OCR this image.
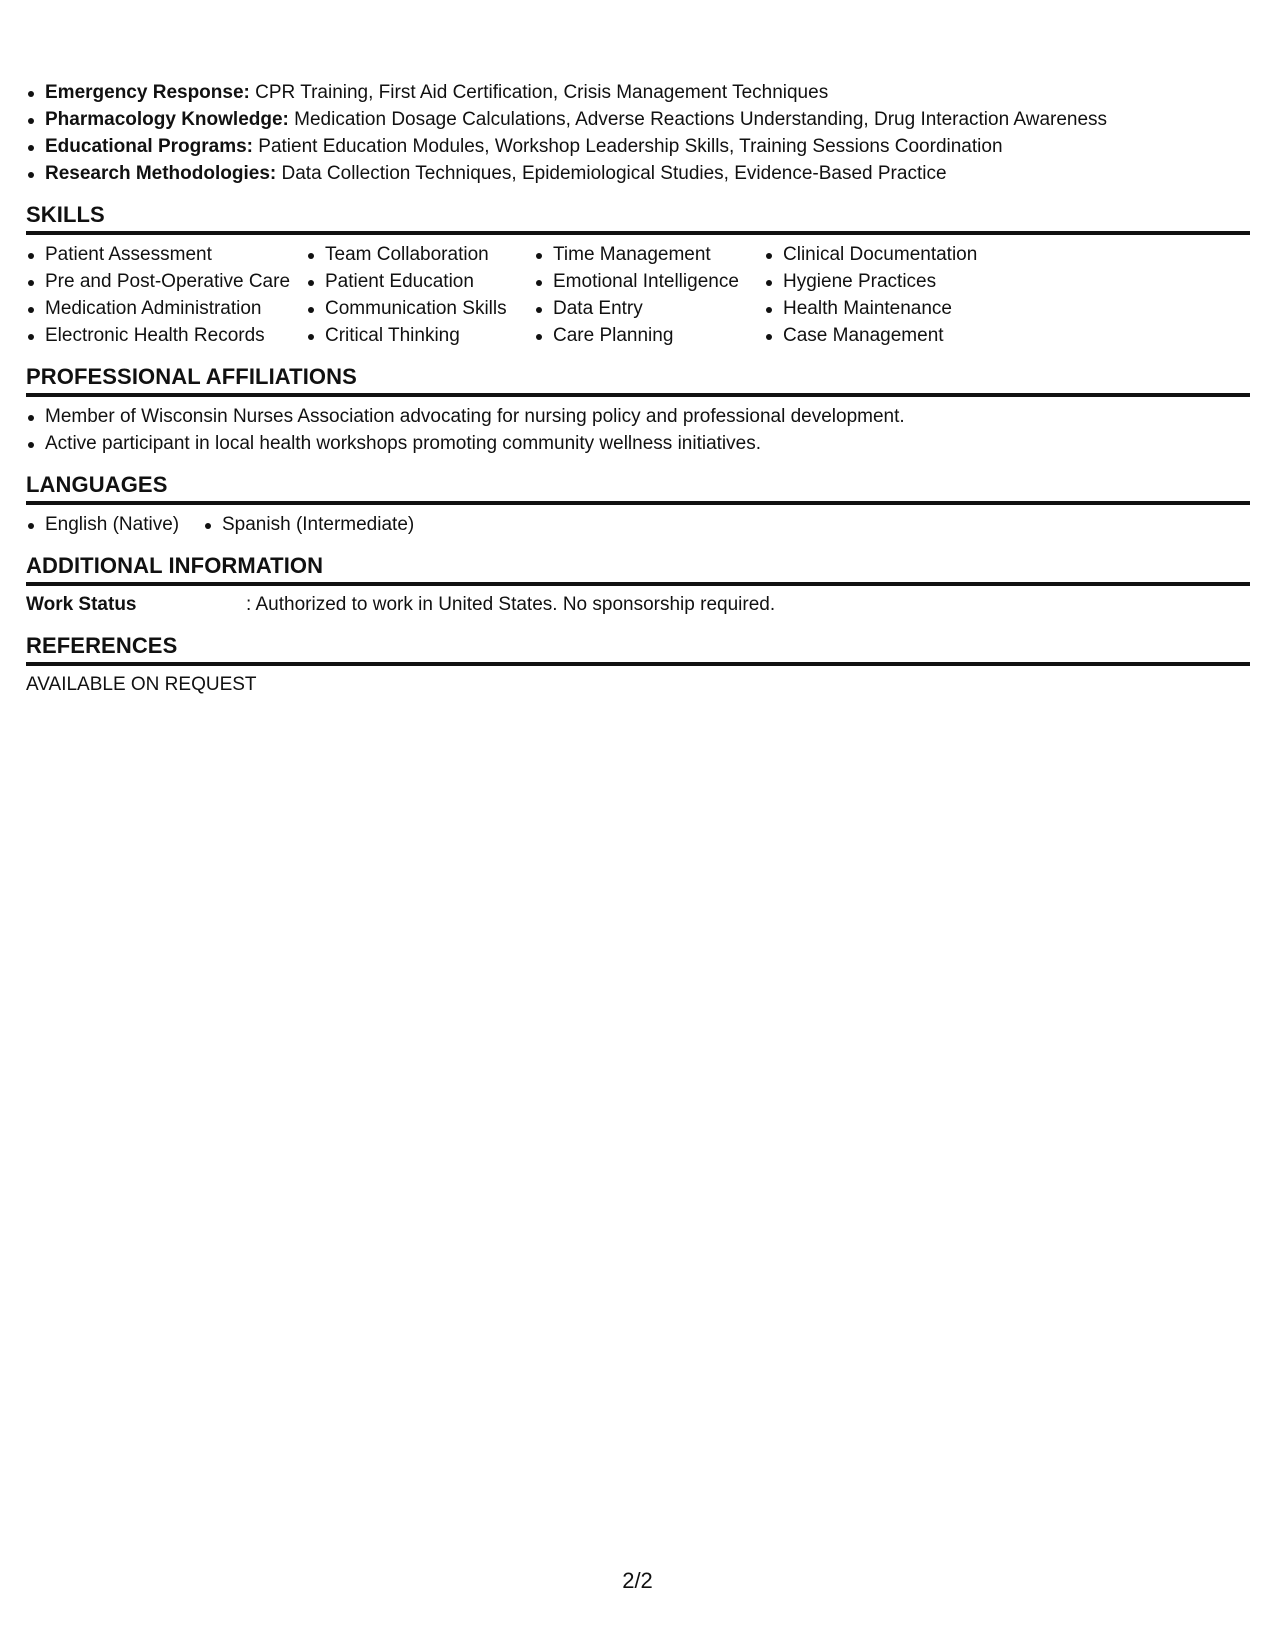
Emergency Response: CPR Training, First Aid Certification, Crisis Management Techniques
Pharmacology Knowledge: Medication Dosage Calculations, Adverse Reactions Understanding, Drug Interaction Awareness
Educational Programs: Patient Education Modules, Workshop Leadership Skills, Training Sessions Coordination
Research Methodologies: Data Collection Techniques, Epidemiological Studies, Evidence-Based Practice
SKILLS
Patient Assessment
Pre and Post-Operative Care
Medication Administration
Electronic Health Records
Team Collaboration
Patient Education
Communication Skills
Critical Thinking
Time Management
Emotional Intelligence
Data Entry
Care Planning
Clinical Documentation
Hygiene Practices
Health Maintenance
Case Management
PROFESSIONAL AFFILIATIONS
Member of Wisconsin Nurses Association advocating for nursing policy and professional development.
Active participant in local health workshops promoting community wellness initiatives.
LANGUAGES
English (Native)	Spanish (Intermediate)
ADDITIONAL INFORMATION
Work Status	: Authorized to work in United States. No sponsorship required.
REFERENCES
AVAILABLE ON REQUEST
2/2
